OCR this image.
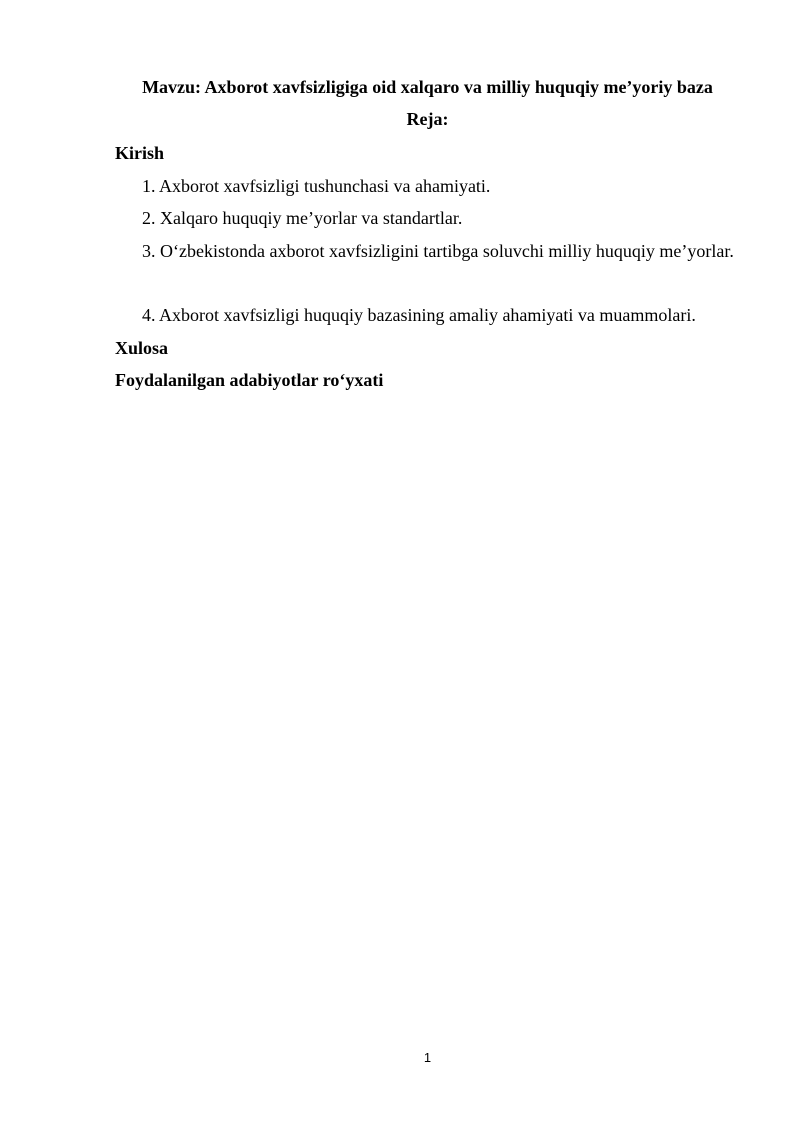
Mavzu: Axborot xavfsizligiga oid xalqaro va milliy huquqiy me’yoriy baza
Reja:
Kirish
1. Axborot xavfsizligi tushunchasi va ahamiyati.
2. Xalqaro huquqiy me’yorlar va standartlar.
3. O‘zbekistonda axborot xavfsizligini tartibga soluvchi milliy huquqiy me’yorlar.
4. Axborot xavfsizligi huquqiy bazasining amaliy ahamiyati va muammolari.
Xulosa
Foydalanilgan adabiyotlar ro‘yxati
1
